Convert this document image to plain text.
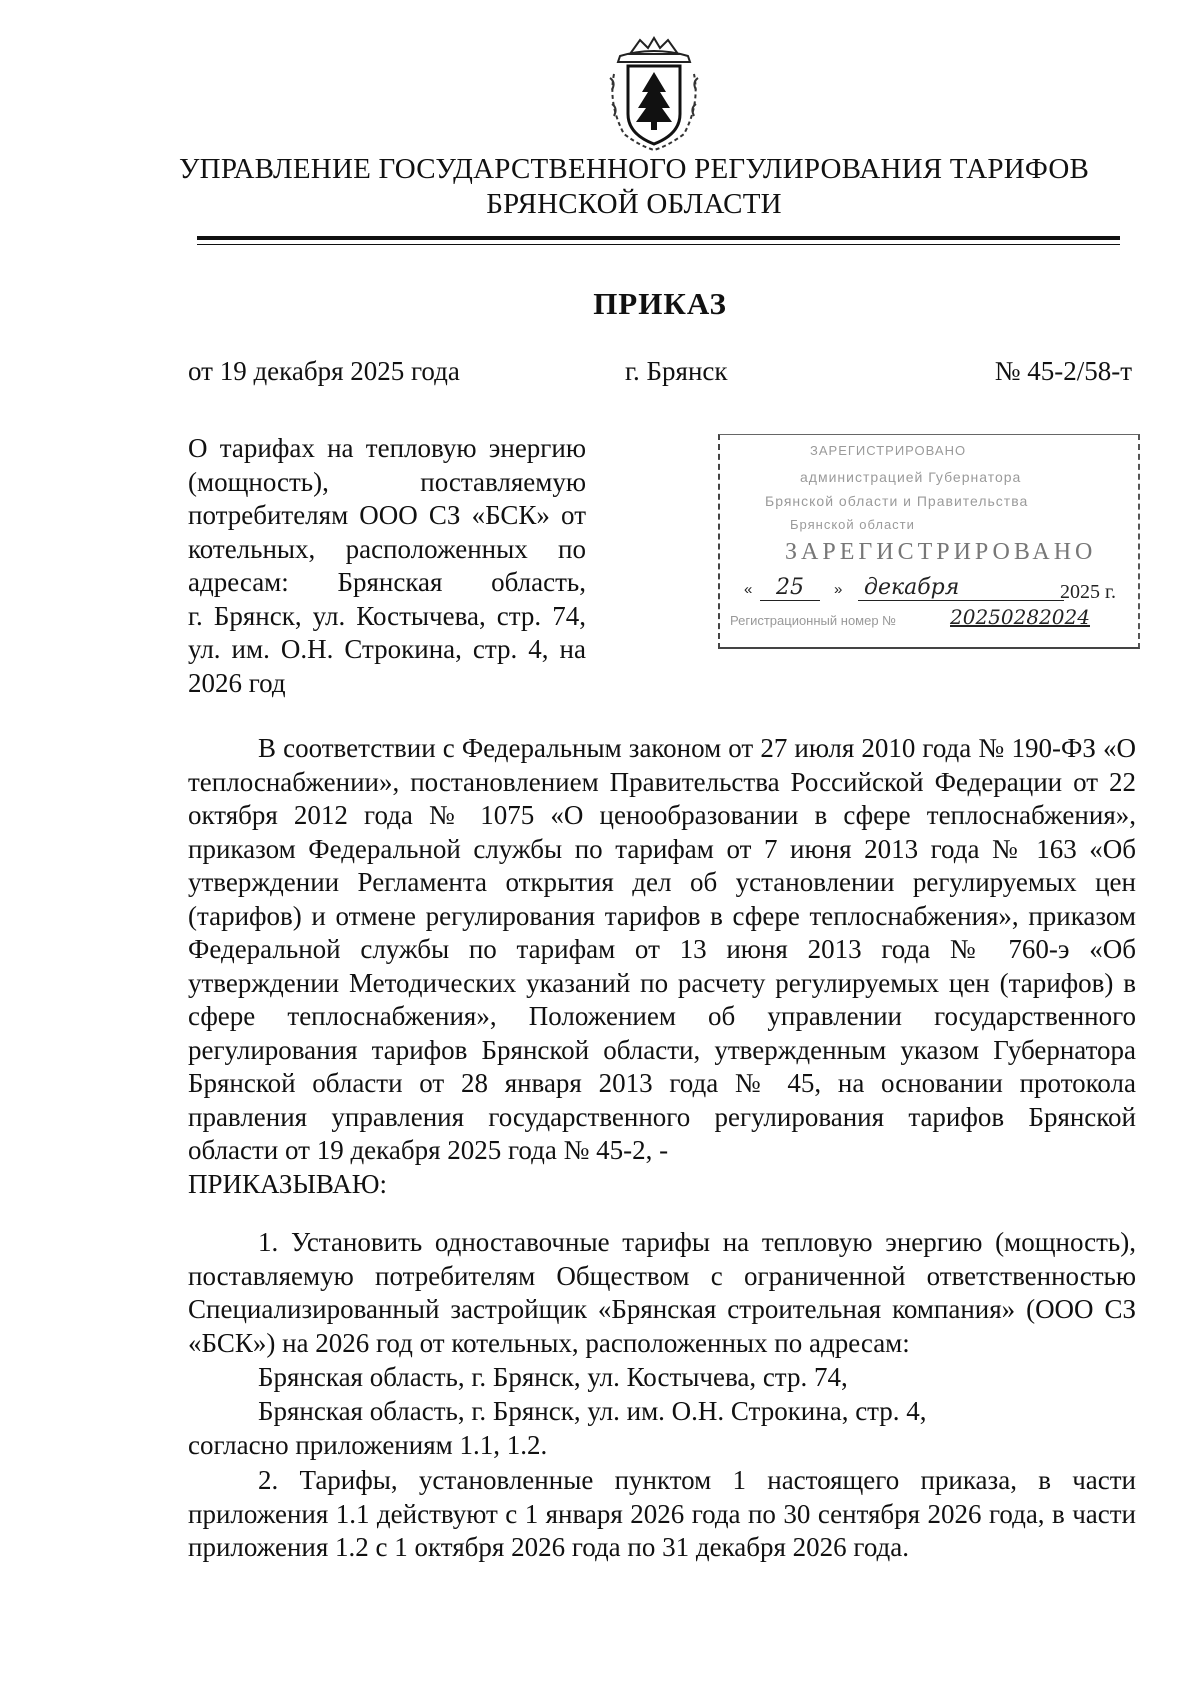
УПРАВЛЕНИЕ ГОСУДАРСТВЕННОГО РЕГУЛИРОВАНИЯ ТАРИФОВ
БРЯНСКОЙ ОБЛАСТИ
ПРИКАЗ
от 19 декабря 2025 года	г. Брянск	№ 45-2/58-т
О тарифах на тепловую энергию
(мощность), поставляемую
потребителям ООО СЗ «БСК» от
котельных, расположенных по
адресам: Брянская область,
г. Брянск, ул. Костычева, стр. 74,
ул. им. О.Н. Строкина, стр. 4, на
2026 год
ЗАРЕГИСТРИРОВАНО
администрацией Губернатора
Брянской области и Правительства
Брянской области
ЗАРЕГИСТРИРОВАНО
«	25	» декабря	2025 г.
Регистрационный номер №	20250282024
В соответствии с Федеральным законом от 27 июля 2010 года № 190-ФЗ «О теплоснабжении», постановлением Правительства Российской Федерации от 22 октября 2012 года № 1075 «О ценообразовании в сфере теплоснабжения», приказом Федеральной службы по тарифам от 7 июня 2013 года № 163 «Об утверждении Регламента открытия дел об установлении регулируемых цен (тарифов) и отмене регулирования тарифов в сфере теплоснабжения», приказом Федеральной службы по тарифам от 13 июня 2013 года № 760-э «Об утверждении Методических указаний по расчету регулируемых цен (тарифов) в сфере теплоснабжения», Положением об управлении государственного регулирования тарифов Брянской области, утвержденным указом Губернатора Брянской области от 28 января 2013 года № 45, на основании протокола правления управления государственного регулирования тарифов Брянской области от 19 декабря 2025 года № 45-2, -
ПРИКАЗЫВАЮ:
1. Установить одноставочные тарифы на тепловую энергию (мощность), поставляемую потребителям Обществом с ограниченной ответственностью Специализированный застройщик «Брянская строительная компания» (ООО СЗ «БСК») на 2026 год от котельных, расположенных по адресам:
Брянская область, г. Брянск, ул. Костычева, стр. 74,
Брянская область, г. Брянск, ул. им. О.Н. Строкина, стр. 4,
согласно приложениям 1.1, 1.2.
2. Тарифы, установленные пунктом 1 настоящего приказа, в части приложения 1.1 действуют с 1 января 2026 года по 30 сентября 2026 года, в части приложения 1.2 с 1 октября 2026 года по 31 декабря 2026 года.
